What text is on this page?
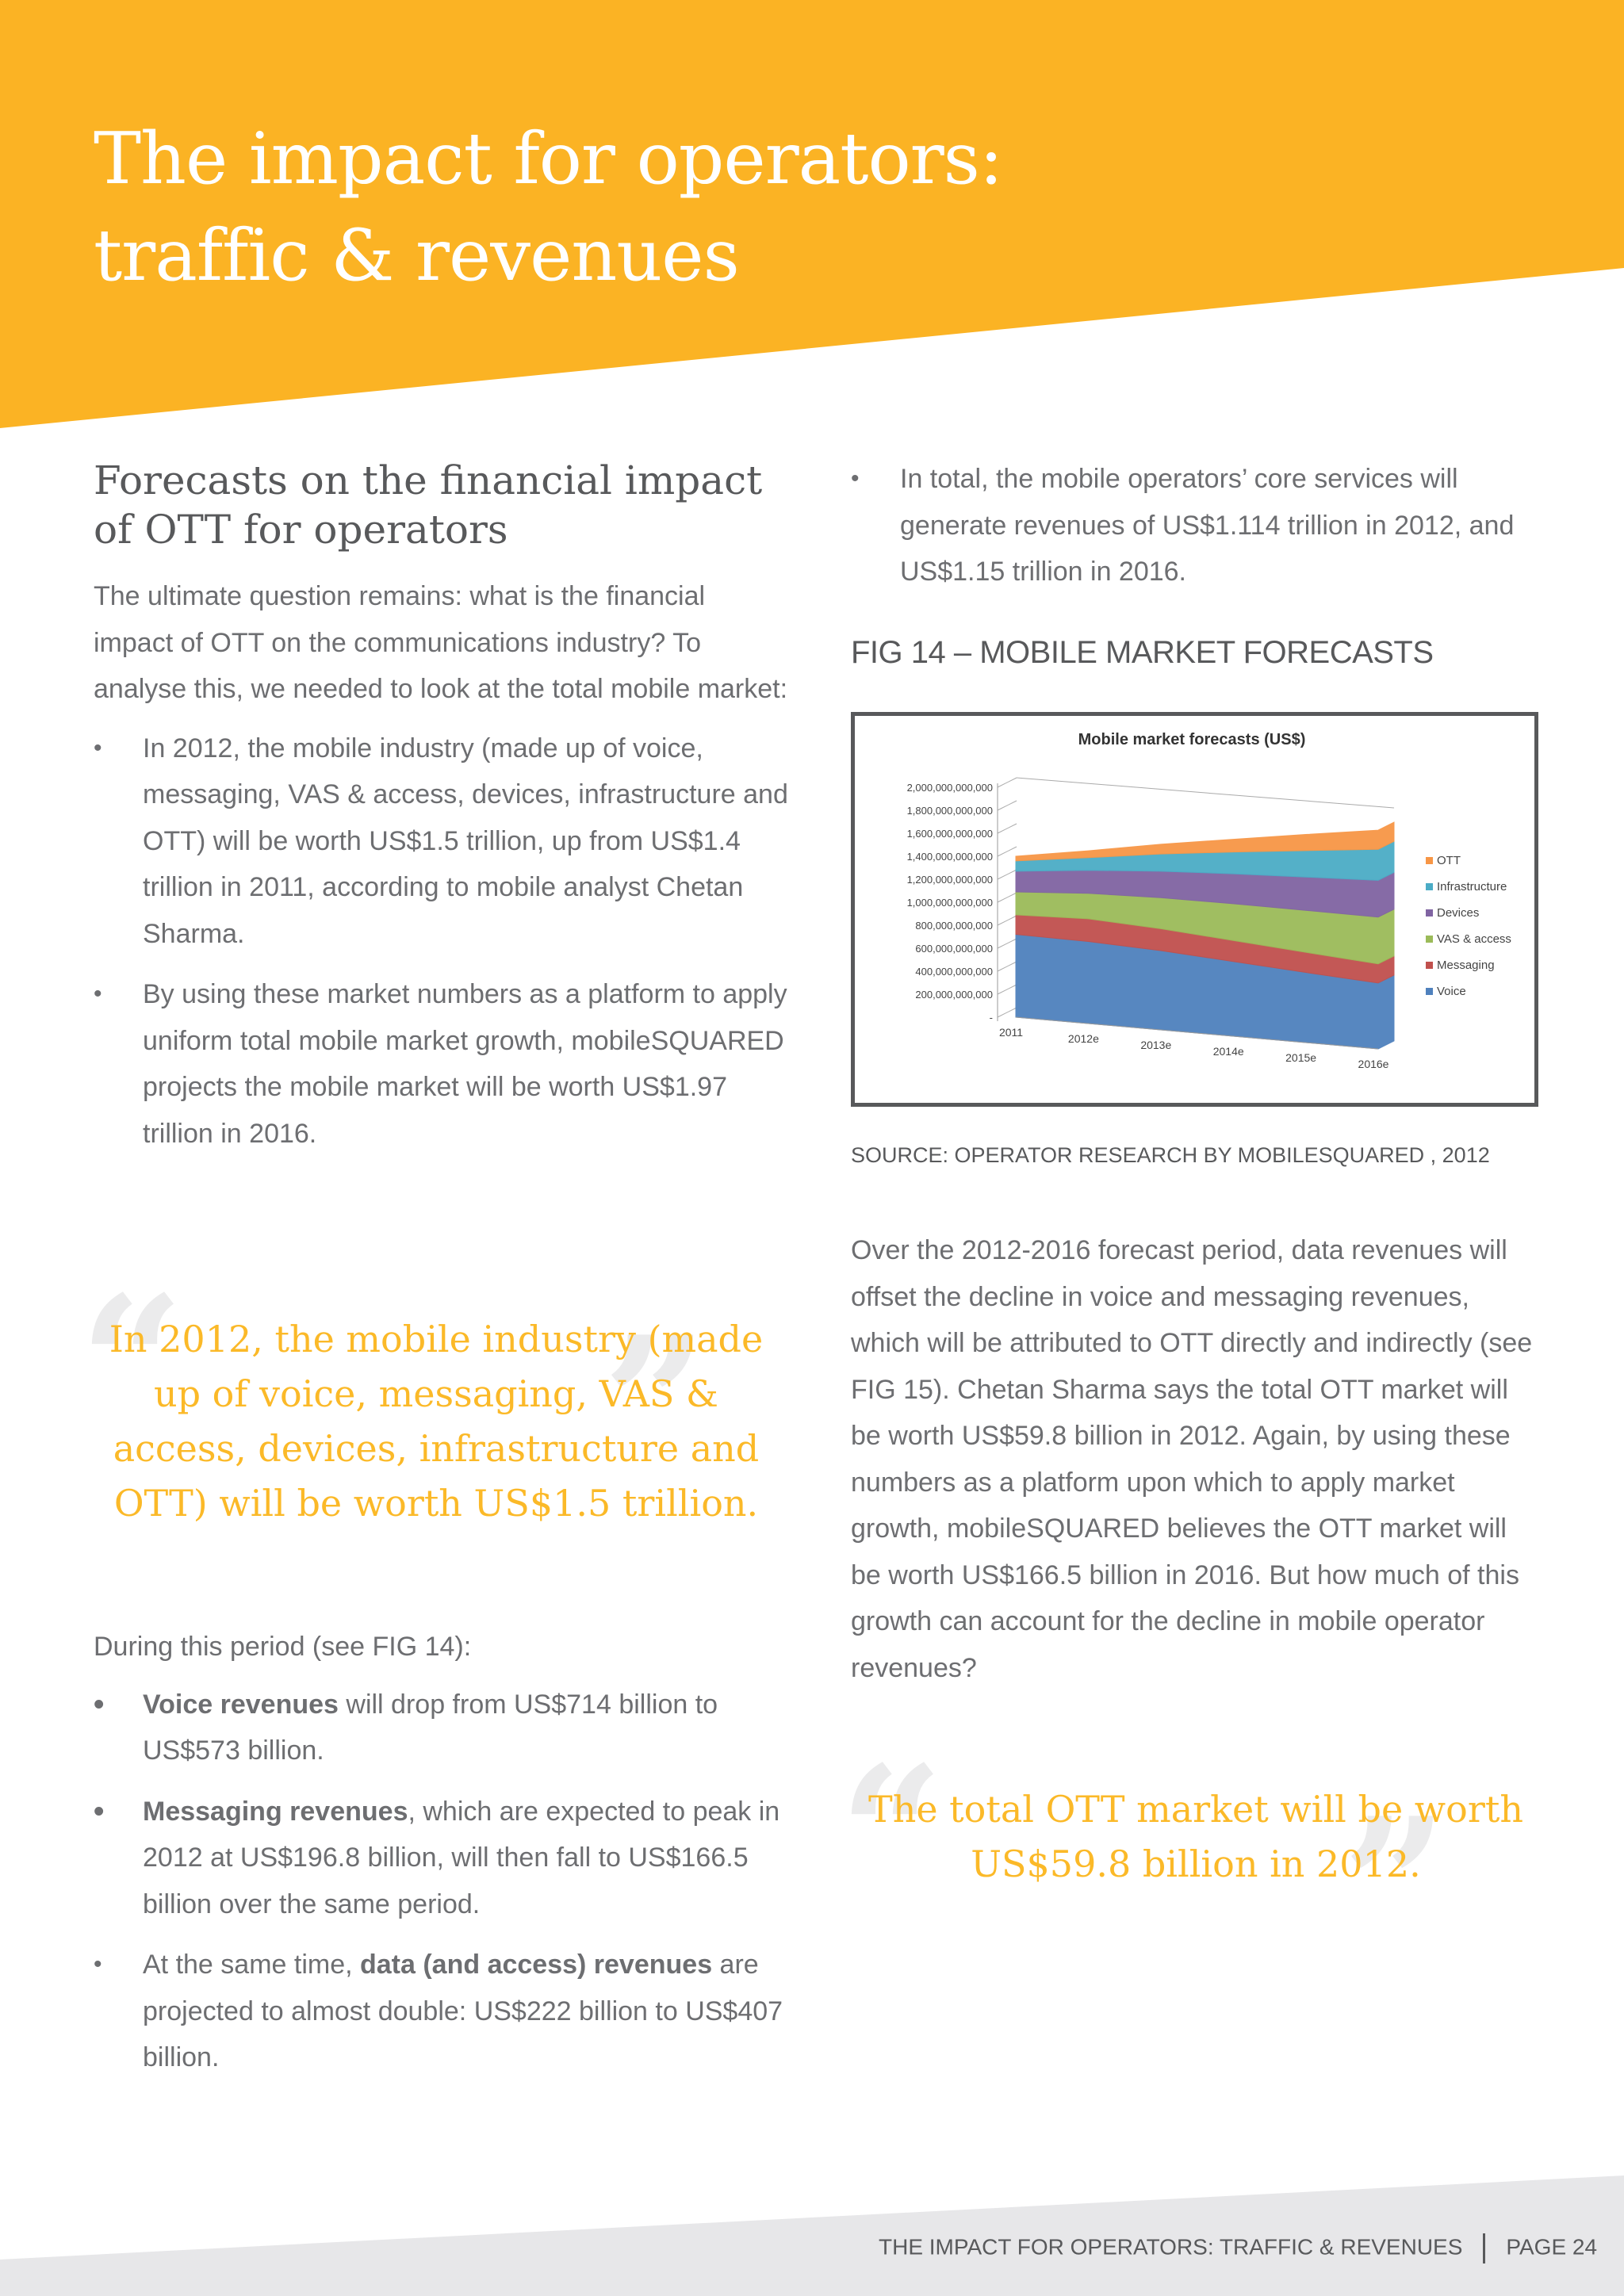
The impact for operators:
traffic & revenues
Forecasts on the financial impact of OTT for operators

The ultimate question remains: what is the financial impact of OTT on the communications industry? To analyse this, we needed to look at the total mobile market:

• In 2012, the mobile industry (made up of voice, messaging, VAS & access, devices, infrastructure and OTT) will be worth US$1.5 trillion, up from US$1.4 trillion in 2011, according to mobile analyst Chetan Sharma.
• By using these market numbers as a platform to apply uniform total mobile market growth, mobileSQUARED projects the mobile market will be worth US$1.97 trillion in 2016.
“ ”
In 2012, the mobile industry (made up of voice, messaging, VAS & access, devices, infrastructure and OTT) will be worth US$1.5 trillion.

During this period (see FIG 14):

• Voice revenues will drop from US$714 billion to US$573 billion.
• Messaging revenues, which are expected to peak in 2012 at US$196.8 billion, will then fall to US$166.5 billion over the same period.
• At the same time, data (and access) revenues are projected to almost double: US$222 billion to US$407 billion.
• In total, the mobile operators’ core services will generate revenues of US$1.114 trillion in 2012, and US$1.15 trillion in 2016.

FIG 14 – MOBILE MARKET FORECASTS

Mobile market forecasts (US$)
2,000,000,000,000
1,800,000,000,000
1,600,000,000,000
1,400,000,000,000
1,200,000,000,000
1,000,000,000,000
800,000,000,000
600,000,000,000
400,000,000,000
200,000,000,000
-
2011	2012e	2013e	2014e	2015e	2016e
OTT
Infrastructure
Devices
VAS & access
Messaging
Voice

SOURCE: OPERATOR RESEARCH BY MOBILESQUARED , 2012

Over the 2012-2016 forecast period, data revenues will offset the decline in voice and messaging revenues, which will be attributed to OTT directly and indirectly (see FIG 15). Chetan Sharma says the total OTT market will be worth US$59.8 billion in 2012. Again, by using these numbers as a platform upon which to apply market growth, mobileSQUARED believes the OTT market will be worth US$166.5 billion in 2016. But how much of this growth can account for the decline in mobile operator revenues?

“ ”
The total OTT market will be worth US$59.8 billion in 2012.
THE IMPACT FOR OPERATORS: TRAFFIC & REVENUES PAGE 24
